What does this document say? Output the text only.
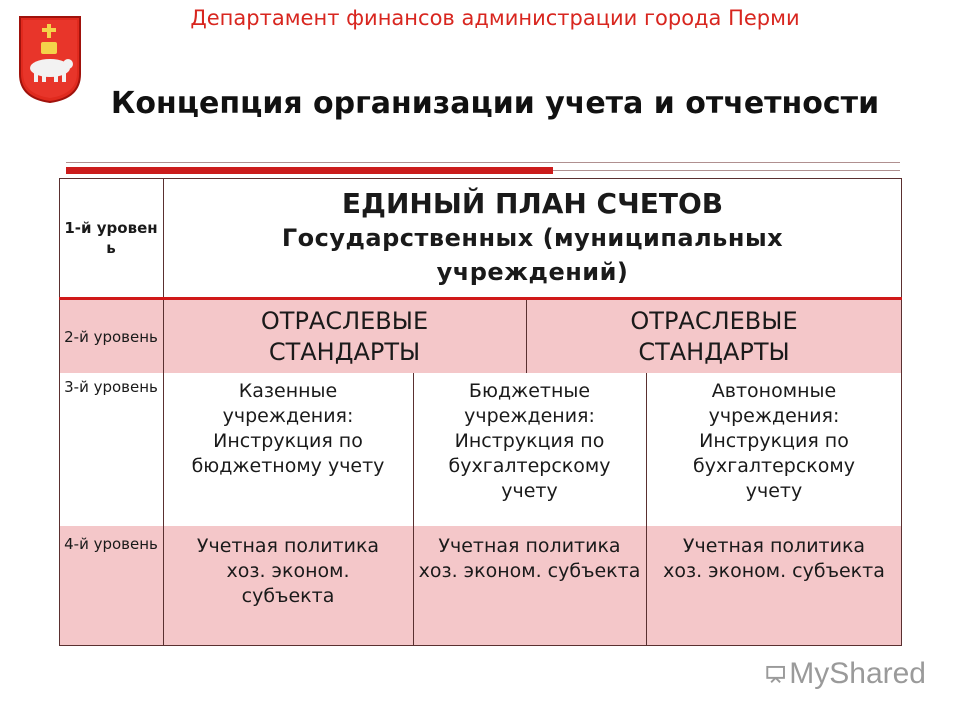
Департамент финансов администрации города Перми
Концепция организации учета и отчетности
1-й уровен ь
ЕДИНЫЙ ПЛАН СЧЕТОВ
Государственных (муниципальных учреждений)
2-й уровень
ОТРАСЛЕВЫЕ СТАНДАРТЫ
ОТРАСЛЕВЫЕ СТАНДАРТЫ
3-й уровень	Казенные учреждения: Инструкция по бюджетному учету
Бюджетные учреждения: Инструкция по бухгалтерскому учету
Автономные учреждения: Инструкция по бухгалтерскому учету
4-й уровень	Учетная политика хоз. эконом. субъекта
Учетная политика хоз. эконом. субъекта
Учетная политика хоз. эконом. субъекта
MyShared
